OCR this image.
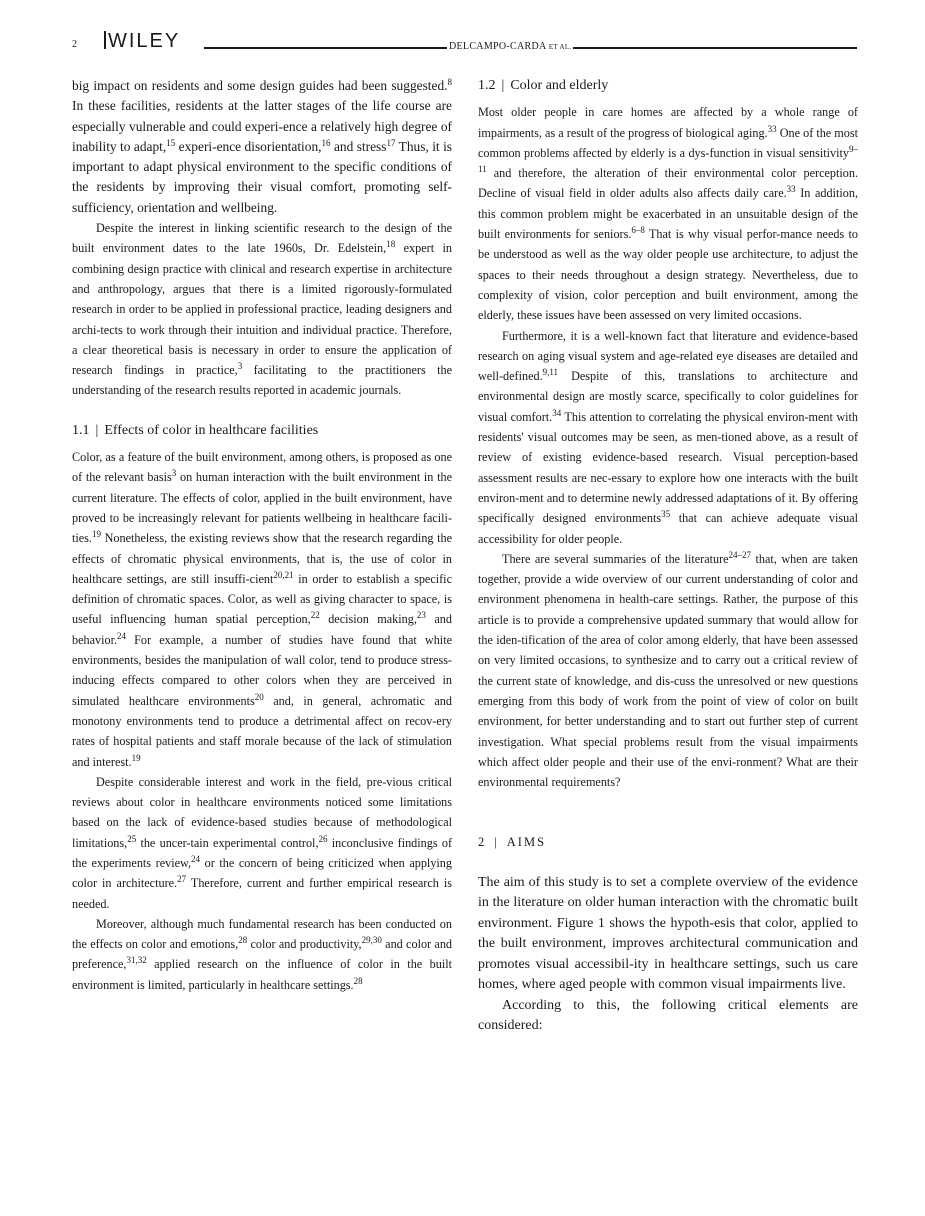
2 WILEY	DELCAMPO-CARDA ET AL.

big impact on residents and some design guides had been suggested.$^8$ In these facilities, residents at the latter stages of the life course are especially vulnerable and could experi-ence a relatively high degree of inability to adapt,$^{15}$ experi-ence disorientation,$^{16}$ and stress$^{17}$ Thus, it is important to adapt physical environment to the specific conditions of the residents by improving their visual comfort, promoting self-sufficiency, orientation and wellbeing.

Despite the interest in linking scientific research to the design of the built environment dates to the late 1960s, Dr. Edelstein,$^{18}$ expert in combining design practice with clinical and research expertise in architecture and anthropology, argues that there is a limited rigorously-formulated research in order to be applied in professional practice, leading designers and archi-tects to work through their intuition and individual practice. Therefore, a clear theoretical basis is necessary in order to ensure the application of research findings in practice,$^3$ facilitating to the practitioners the understanding of the research results reported in academic journals.

1.1 | Effects of color in healthcare facilities

Color, as a feature of the built environment, among others, is proposed as one of the relevant basis$^3$ on human interaction with the built environment in the current literature. The effects of color, applied in the built environment, have proved to be increasingly relevant for patients wellbeing in healthcare facili-ties.$^{19}$ Nonetheless, the existing reviews show that the research regarding the effects of chromatic physical environments, that is, the use of color in healthcare settings, are still insuffi-cient$^{20,21}$ in order to establish a specific definition of chromatic spaces. Color, as well as giving character to space, is useful influencing human spatial perception,$^{22}$ decision making,$^{23}$ and behavior.$^{24}$ For example, a number of studies have found that white environments, besides the manipulation of wall color, tend to produce stress-inducing effects compared to other colors when they are perceived in simulated healthcare environments$^{20}$ and, in general, achromatic and monotony environments tend to produce a detrimental affect on recov-ery rates of hospital patients and staff morale because of the lack of stimulation and interest.$^{19}$

Despite considerable interest and work in the field, pre-vious critical reviews about color in healthcare environments noticed some limitations based on the lack of evidence-based studies because of methodological limitations,$^{25}$ the uncer-tain experimental control,$^{26}$ inconclusive findings of the experiments review,$^{24}$ or the concern of being criticized when applying color in architecture.$^{27}$ Therefore, current and further empirical research is needed.

Moreover, although much fundamental research has been conducted on the effects on color and emotions,$^{28}$ color and productivity,$^{29,30}$ and color and preference,$^{31,32}$ applied research on the influence of color in the built environment is limited, particularly in healthcare settings.$^{28}$

1.2 | Color and elderly

Most older people in care homes are affected by a whole range of impairments, as a result of the progress of biological aging.$^{33}$ One of the most common problems affected by elderly is a dys-function in visual sensitivity$^{9-11}$ and therefore, the alteration of their environmental color perception. Decline of visual field in older adults also affects daily care.$^{33}$ In addition, this common problem might be exacerbated in an unsuitable design of the built environments for seniors.$^{6-8}$ That is why visual perfor-mance needs to be understood as well as the way older people use architecture, to adjust the spaces to their needs throughout a design strategy. Nevertheless, due to complexity of vision, color perception and built environment, among the elderly, these issues have been assessed on very limited occasions.

Furthermore, it is a well-known fact that literature and evidence-based research on aging visual system and age-related eye diseases are detailed and well-defined.$^{9,11}$ Despite of this, translations to architecture and environmental design are mostly scarce, specifically to color guidelines for visual comfort.$^{34}$ This attention to correlating the physical environ-ment with residents' visual outcomes may be seen, as men-tioned above, as a result of review of existing evidence-based research. Visual perception-based assessment results are nec-essary to explore how one interacts with the built environ-ment and to determine newly addressed adaptations of it. By offering specifically designed environments$^{35}$ that can achieve adequate visual accessibility for older people.

There are several summaries of the literature$^{24-27}$ that, when are taken together, provide a wide overview of our current understanding of color and environment phenomena in health-care settings. Rather, the purpose of this article is to provide a comprehensive updated summary that would allow for the iden-tification of the area of color among elderly, that have been assessed on very limited occasions, to synthesize and to carry out a critical review of the current state of knowledge, and dis-cuss the unresolved or new questions emerging from this body of work from the point of view of color on built environment, for better understanding and to start out further step of current investigation. What special problems result from the visual impairments which affect older people and their use of the envi-ronment? What are their environmental requirements?

2 | AIMS

The aim of this study is to set a complete overview of the evidence in the literature on older human interaction with the chromatic built environment. Figure 1 shows the hypoth-esis that color, applied to the built environment, improves architectural communication and promotes visual accessibil-ity in healthcare settings, such us care homes, where aged people with common visual impairments live.

According to this, the following critical elements are considered:
